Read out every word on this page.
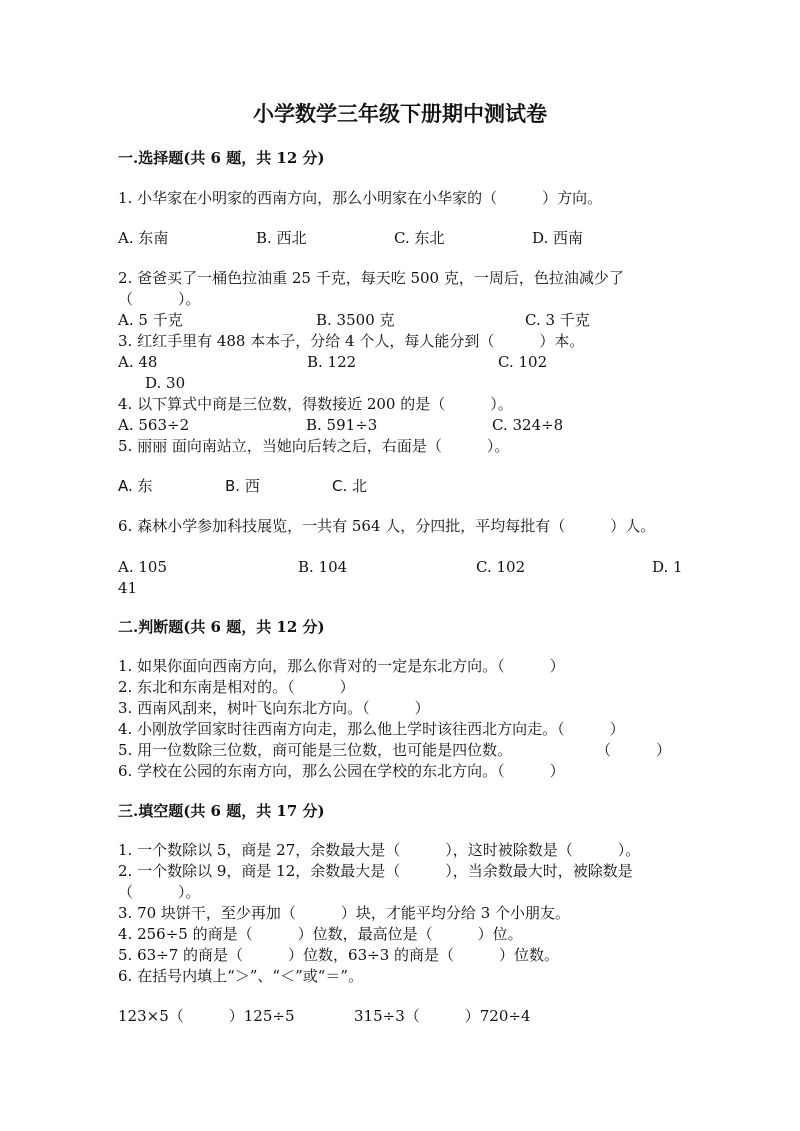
小学数学三年级下册期中测试卷
一.选择题(共 6 题，共 12 分)
1. 小华家在小明家的西南方向，那么小明家在小华家的（　　　）方向。
A. 东南	B. 西北	C. 东北	D. 西南
2. 爸爸买了一桶色拉油重 25 千克，每天吃 500 克，一周后，色拉油减少了
（　　　）。
A. 5 千克	B. 3500 克	C. 3 千克
3. 红红手里有 488 本本子，分给 4 个人，每人能分到（　　　）本。
A. 48	B. 122	C. 102
D. 30
4. 以下算式中商是三位数，得数接近 200 的是（　　　）。
A. 563÷2	B. 591÷3	C. 324÷8
5. 丽丽 面向南站立，当她向后转之后，右面是（　　　）。
A. 东	B. 西	C. 北
6. 森林小学参加科技展览，一共有 564 人，分四批，平均每批有（　　　）人。
A. 105	B. 104	C. 102	D. 1
41
二.判断题(共 6 题，共 12 分)
1. 如果你面向西南方向，那么你背对的一定是东北方向。（　　　）
2. 东北和东南是相对的。（　　　）
3. 西南风刮来，树叶飞向东北方向。（　　　）
4. 小刚放学回家时往西南方向走，那么他上学时该往西北方向走。（　　　）
5. 用一位数除三位数，商可能是三位数，也可能是四位数。	（　　　）
6. 学校在公园的东南方向，那么公园在学校的东北方向。（　　　）
三.填空题(共 6 题，共 17 分)
1. 一个数除以 5，商是 27，余数最大是（　　　），这时被除数是（　　　）。
2. 一个数除以 9，商是 12，余数最大是（　　　），当余数最大时，被除数是
（　　　）。
3. 70 块饼干，至少再加（　　　）块，才能平均分给 3 个小朋友。
4. 256÷5 的商是（　　　）位数，最高位是（　　　）位。
5. 63÷7 的商是（　　　）位数，63÷3 的商是（　　　）位数。
6. 在括号内填上“＞”、“＜”或“＝”。
123×5（　　　）125÷5	315÷3（　　　）720÷4
